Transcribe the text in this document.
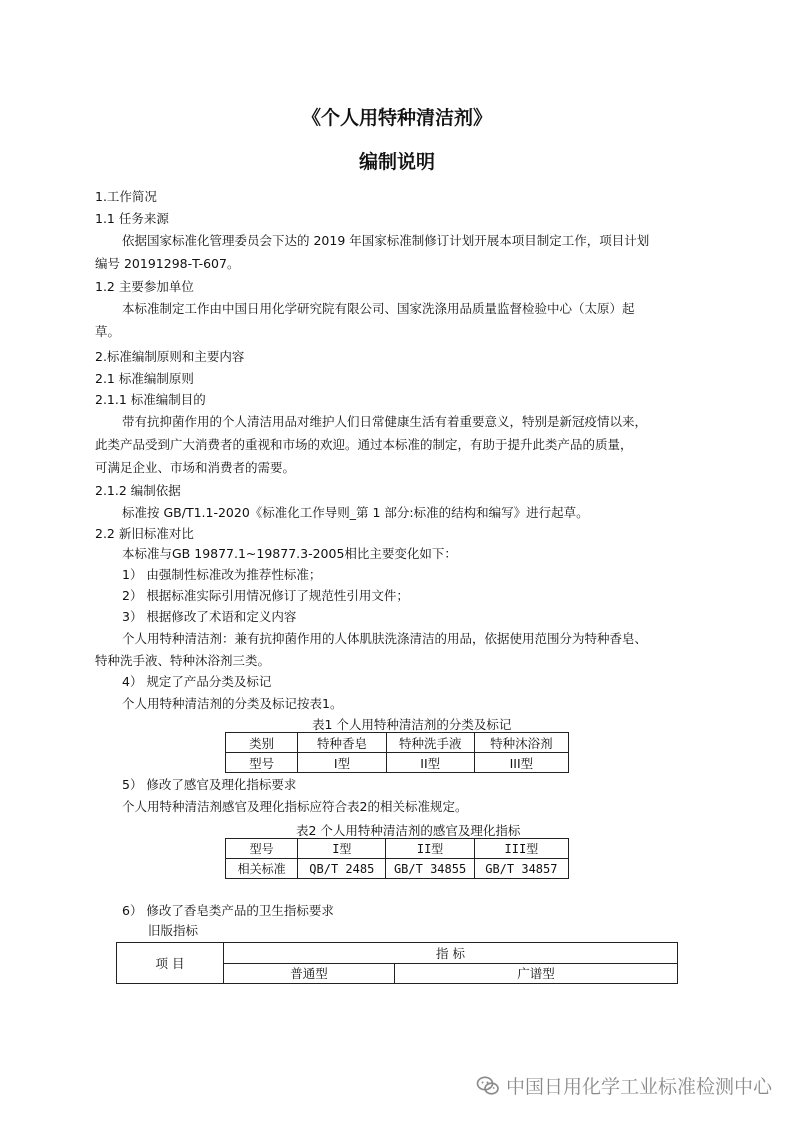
《个人用特种清洁剂》
编制说明
1.工作简况
1.1 任务来源
依据国家标准化管理委员会下达的 2019 年国家标准制修订计划开展本项目制定工作，项目计划
编号 20191298-T-607。
1.2 主要参加单位
本标准制定工作由中国日用化学研究院有限公司、国家洗涤用品质量监督检验中心（太原）起
草。
2.标准编制原则和主要内容
2.1 标准编制原则
2.1.1 标准编制目的
带有抗抑菌作用的个人清洁用品对维护人们日常健康生活有着重要意义，特别是新冠疫情以来，
此类产品受到广大消费者的重视和市场的欢迎。通过本标准的制定，有助于提升此类产品的质量，
可满足企业、市场和消费者的需要。
2.1.2 编制依据
标准按 GB/T1.1-2020《标准化工作导则_第 1 部分:标准的结构和编写》进行起草。
2.2 新旧标准对比
本标准与GB 19877.1~19877.3-2005相比主要变化如下：
1） 由强制性标准改为推荐性标准；
2） 根据标准实际引用情况修订了规范性引用文件；
3） 根据修改了术语和定义内容
个人用特种清洁剂：兼有抗抑菌作用的人体肌肤洗涤清洁的用品，依据使用范围分为特种香皂、
特种洗手液、特种沐浴剂三类。
4） 规定了产品分类及标记
个人用特种清洁剂的分类及标记按表1。
表1 个人用特种清洁剂的分类及标记
类别	特种香皂	特种洗手液	特种沐浴剂
型号	I型	II型	III型
5） 修改了感官及理化指标要求
个人用特种清洁剂感官及理化指标应符合表2的相关标准规定。
表2 个人用特种清洁剂的感官及理化指标
型号	I型	II型	III型
相关标准	QB/T 2485	GB/T 34855	GB/T 34857
6） 修改了香皂类产品的卫生指标要求
旧版指标
项 目	指 标	
	普通型	广谱型
中国日用化学工业标准检测中心
